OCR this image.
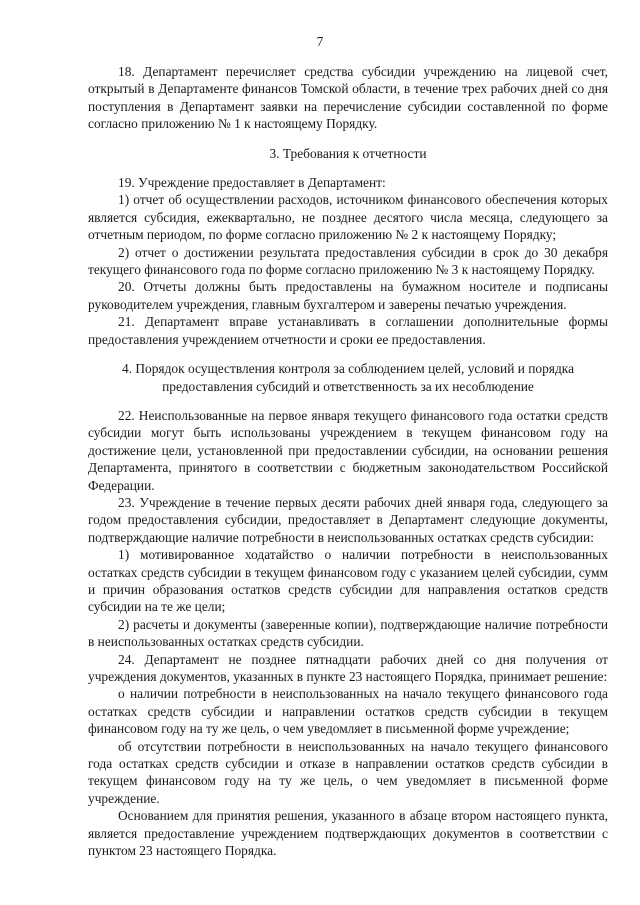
7

18. Департамент перечисляет средства субсидии учреждению на лицевой счет, открытый в Департаменте финансов Томской области, в течение трех рабочих дней со дня поступления в Департамент заявки на перечисление субсидии составленной по форме согласно приложению № 1 к настоящему Порядку.

3. Требования к отчетности

19. Учреждение предоставляет в Департамент:

1) отчет об осуществлении расходов, источником финансового обеспечения которых является субсидия, ежеквартально, не позднее десятого числа месяца, следующего за отчетным периодом, по форме согласно приложению № 2 к настоящему Порядку;

2) отчет о достижении результата предоставления субсидии в срок до 30 декабря текущего финансового года по форме согласно приложению № 3 к настоящему Порядку.

20. Отчеты должны быть предоставлены на бумажном носителе и подписаны руководителем учреждения, главным бухгалтером и заверены печатью учреждения.

21. Департамент вправе устанавливать в соглашении дополнительные формы предоставления учреждением отчетности и сроки ее предоставления.

4. Порядок осуществления контроля за соблюдением целей, условий и порядка
предоставления субсидий и ответственность за их несоблюдение

22. Неиспользованные на первое января текущего финансового года остатки средств субсидии могут быть использованы учреждением в текущем финансовом году на достижение цели, установленной при предоставлении субсидии, на основании решения Департамента, принятого в соответствии с бюджетным законодательством Российской Федерации.

23. Учреждение в течение первых десяти рабочих дней января года, следующего за годом предоставления субсидии, предоставляет в Департамент следующие документы, подтверждающие наличие потребности в неиспользованных остатках средств субсидии:

1) мотивированное ходатайство о наличии потребности в неиспользованных остатках средств субсидии в текущем финансовом году с указанием целей субсидии, сумм и причин образования остатков средств субсидии для направления остатков средств субсидии на те же цели;

2) расчеты и документы (заверенные копии), подтверждающие наличие потребности в неиспользованных остатках средств субсидии.

24. Департамент не позднее пятнадцати рабочих дней со дня получения от учреждения документов, указанных в пункте 23 настоящего Порядка, принимает решение:

о наличии потребности в неиспользованных на начало текущего финансового года остатках средств субсидии и направлении остатков средств субсидии в текущем финансовом году на ту же цель, о чем уведомляет в письменной форме учреждение;

об отсутствии потребности в неиспользованных на начало текущего финансового года остатках средств субсидии и отказе в направлении остатков средств субсидии в текущем финансовом году на ту же цель, о чем уведомляет в письменной форме учреждение.

Основанием для принятия решения, указанного в абзаце втором настоящего пункта, является предоставление учреждением подтверждающих документов в соответствии с пунктом 23 настоящего Порядка.
